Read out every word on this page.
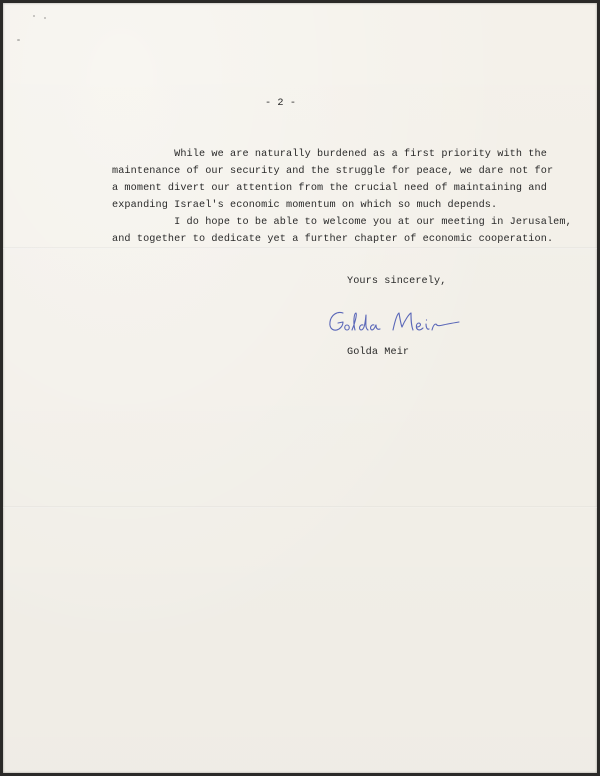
- 2 -
While we are naturally burdened as a first priority with the
maintenance of our security and the struggle for peace, we dare not for
a moment divert our attention from the crucial need of maintaining and
expanding Israel's economic momentum on which so much depends.
I do hope to be able to welcome you at our meeting in Jerusalem,
and together to dedicate yet a further chapter of economic cooperation.
Yours sincerely,
Golda Meir
